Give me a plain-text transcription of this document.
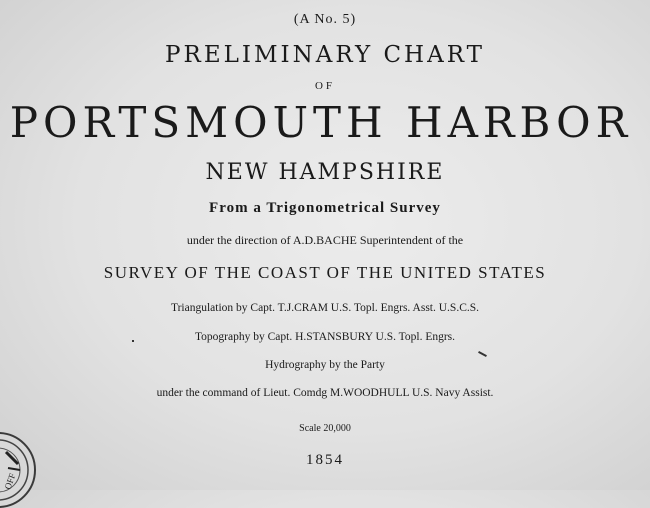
(A No. 5)
PRELIMINARY CHART
OF
PORTSMOUTH HARBOR
NEW HAMPSHIRE
From a Trigonometrical Survey
under the direction of A.D.BACHE Superintendent of the
SURVEY OF THE COAST OF THE UNITED STATES
Triangulation by Capt. T.J.CRAM U.S. Topl. Engrs. Asst. U.S.C.S.
Topography by Capt. H.STANSBURY U.S. Topl. Engrs.
Hydrography by the Party
under the command of Lieut. Comdg M.WOODHULL U.S. Navy Assist.
Scale 20,000
1854
OFF
